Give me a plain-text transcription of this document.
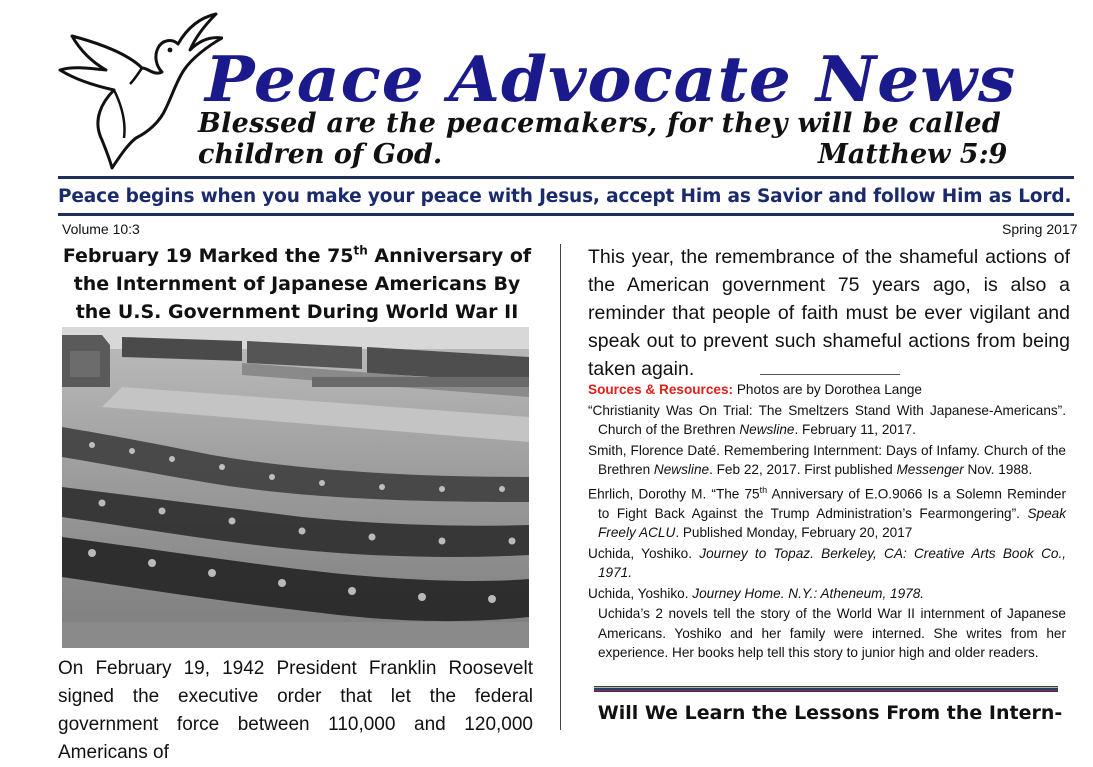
Peace Advocate News
Blessed are the peacemakers, for they will be called
children of God.	Matthew 5:9
Peace begins when you make your peace with Jesus, accept Him as Savior and follow Him as Lord.
Volume 10:3	Spring 2017
February 19 Marked the 75th Anniversary of the Internment of Japanese Americans By the U.S. Government During World War II
On February 19, 1942 President Franklin Roosevelt signed the executive order that let the federal government force between 110,000 and 120,000 Americans of
This year, the remembrance of the shameful actions of the American government 75 years ago, is also a reminder that people of faith must be ever vigilant and speak out to prevent such shameful actions from being taken again.

Sources & Resources: Photos are by Dorothea Lange

“Christianity Was On Trial: The Smeltzers Stand With Japanese-Americans”. Church of the Brethren Newsline. February 11, 2017.

Smith, Florence Daté. Remembering Internment: Days of Infamy. Church of the Brethren Newsline. Feb 22, 2017. First published Messenger Nov. 1988.

Ehrlich, Dorothy M. “The 75th Anniversary of E.O.9066 Is a Solemn Reminder to Fight Back Against the Trump Administration’s Fearmongering”. Speak Freely ACLU. Published Monday, February 20, 2017

Uchida, Yoshiko. Journey to Topaz. Berkeley, CA: Creative Arts Book Co., 1971.

Uchida, Yoshiko. Journey Home. N.Y.: Atheneum, 1978.

Uchida’s 2 novels tell the story of the World War II internment of Japanese Americans. Yoshiko and her family were interned. She writes from her experience. Her books help tell this story to junior high and older readers.

Will We Learn the Lessons From the Intern-
